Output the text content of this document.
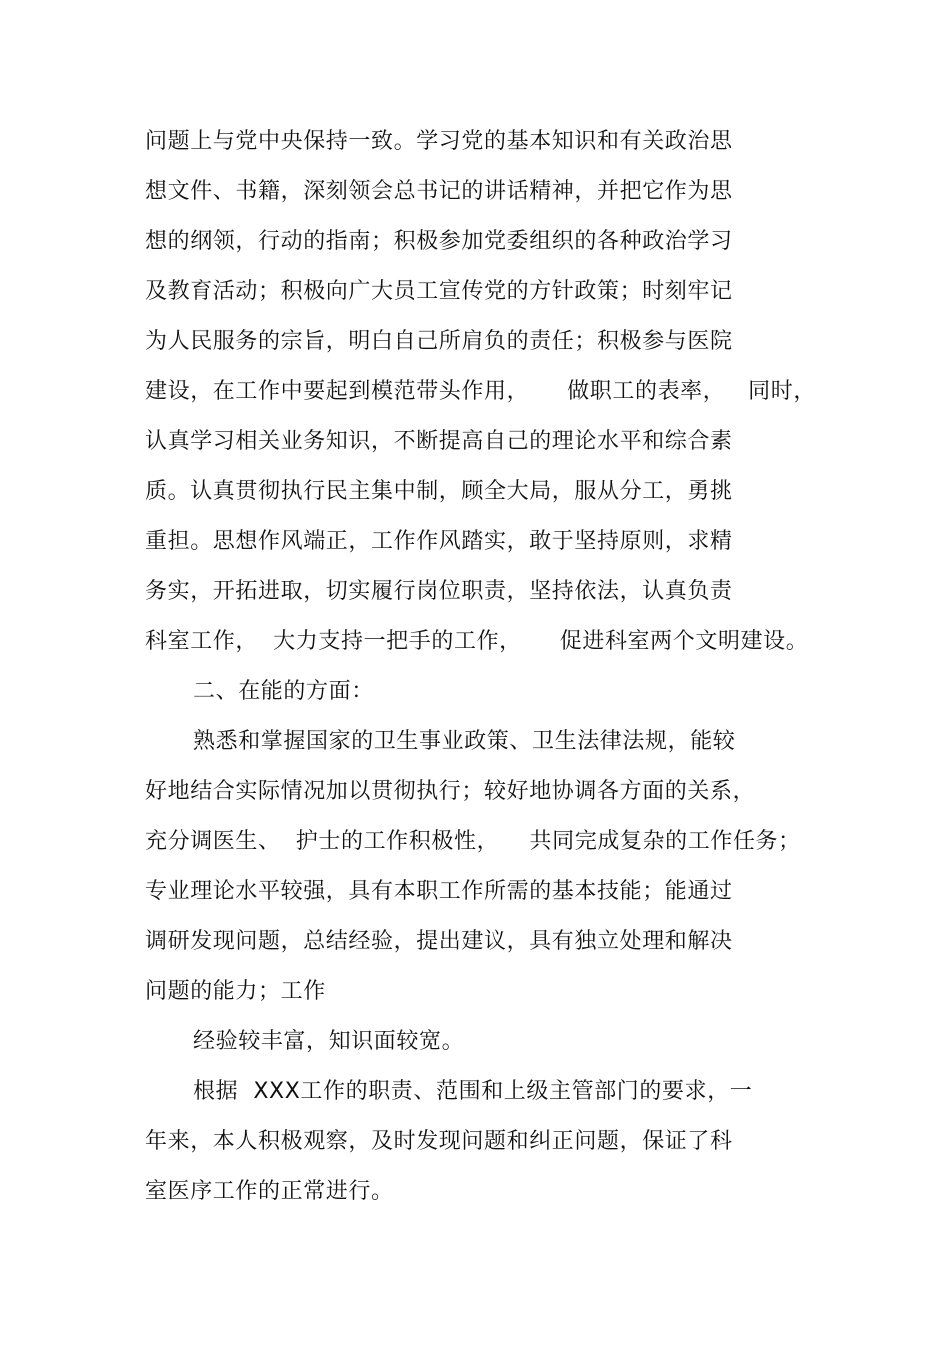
问题上与党中央保持一致。学习党的基本知识和有关政治思
想文件、书籍，深刻领会总书记的讲话精神，并把它作为思
想的纲领，行动的指南；积极参加党委组织的各种政治学习
及教育活动；积极向广大员工宣传党的方针政策；时刻牢记
为人民服务的宗旨，明白自己所肩负的责任；积极参与医院
建设，在工作中要起到模范带头作用，     做职工的表率，   同时，
认真学习相关业务知识，不断提高自己的理论水平和综合素
质。认真贯彻执行民主集中制，顾全大局，服从分工，勇挑
重担。思想作风端正，工作作风踏实，敢于坚持原则，求精
务实，开拓进取，切实履行岗位职责，坚持依法，认真负责
科室工作，  大力支持一把手的工作，     促进科室两个文明建设。
二、在能的方面：
熟悉和掌握国家的卫生事业政策、卫生法律法规，能较
好地结合实际情况加以贯彻执行；较好地协调各方面的关系，
充分调医生、  护士的工作积极性，    共同完成复杂的工作任务；
专业理论水平较强，具有本职工作所需的基本技能；能通过
调研发现问题，总结经验，提出建议，具有独立处理和解决
问题的能力；工作
经验较丰富，知识面较宽。
根据  XXX工作的职责、范围和上级主管部门的要求，一
年来，本人积极观察，及时发现问题和纠正问题，保证了科
室医序工作的正常进行。
